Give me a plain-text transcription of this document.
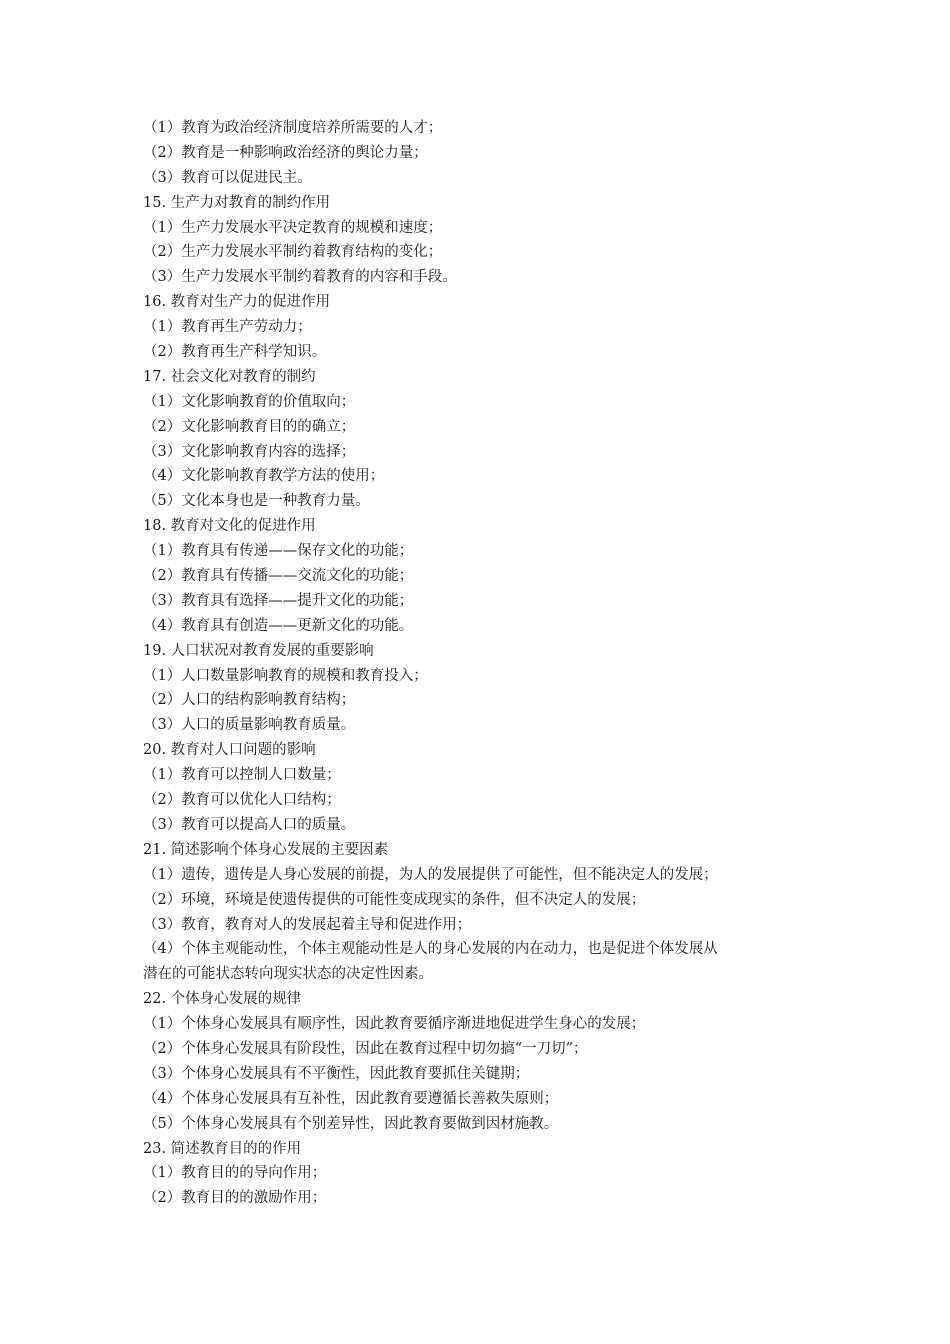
（1）教育为政治经济制度培养所需要的人才；
（2）教育是一种影响政治经济的舆论力量；
（3）教育可以促进民主。
15. 生产力对教育的制约作用
（1）生产力发展水平决定教育的规模和速度；
（2）生产力发展水平制约着教育结构的变化；
（3）生产力发展水平制约着教育的内容和手段。
16. 教育对生产力的促进作用
（1）教育再生产劳动力；
（2）教育再生产科学知识。
17. 社会文化对教育的制约
（1）文化影响教育的价值取向；
（2）文化影响教育目的的确立；
（3）文化影响教育内容的选择；
（4）文化影响教育教学方法的使用；
（5）文化本身也是一种教育力量。
18. 教育对文化的促进作用
（1）教育具有传递——保存文化的功能；
（2）教育具有传播——交流文化的功能；
（3）教育具有选择——提升文化的功能；
（4）教育具有创造——更新文化的功能。
19. 人口状况对教育发展的重要影响
（1）人口数量影响教育的规模和教育投入；
（2）人口的结构影响教育结构；
（3）人口的质量影响教育质量。
20. 教育对人口问题的影响
（1）教育可以控制人口数量；
（2）教育可以优化人口结构；
（3）教育可以提高人口的质量。
21. 简述影响个体身心发展的主要因素
（1）遗传，遗传是人身心发展的前提，为人的发展提供了可能性，但不能决定人的发展；
（2）环境，环境是使遗传提供的可能性变成现实的条件，但不决定人的发展；
（3）教育，教育对人的发展起着主导和促进作用；
（4）个体主观能动性，个体主观能动性是人的身心发展的内在动力，也是促进个体发展从
潜在的可能状态转向现实状态的决定性因素。
22. 个体身心发展的规律
（1）个体身心发展具有顺序性，因此教育要循序渐进地促进学生身心的发展；
（2）个体身心发展具有阶段性，因此在教育过程中切勿搞“一刀切”；
（3）个体身心发展具有不平衡性，因此教育要抓住关键期；
（4）个体身心发展具有互补性，因此教育要遵循长善救失原则；
（5）个体身心发展具有个别差异性，因此教育要做到因材施教。
23. 简述教育目的的作用
（1）教育目的的导向作用；
（2）教育目的的激励作用；
